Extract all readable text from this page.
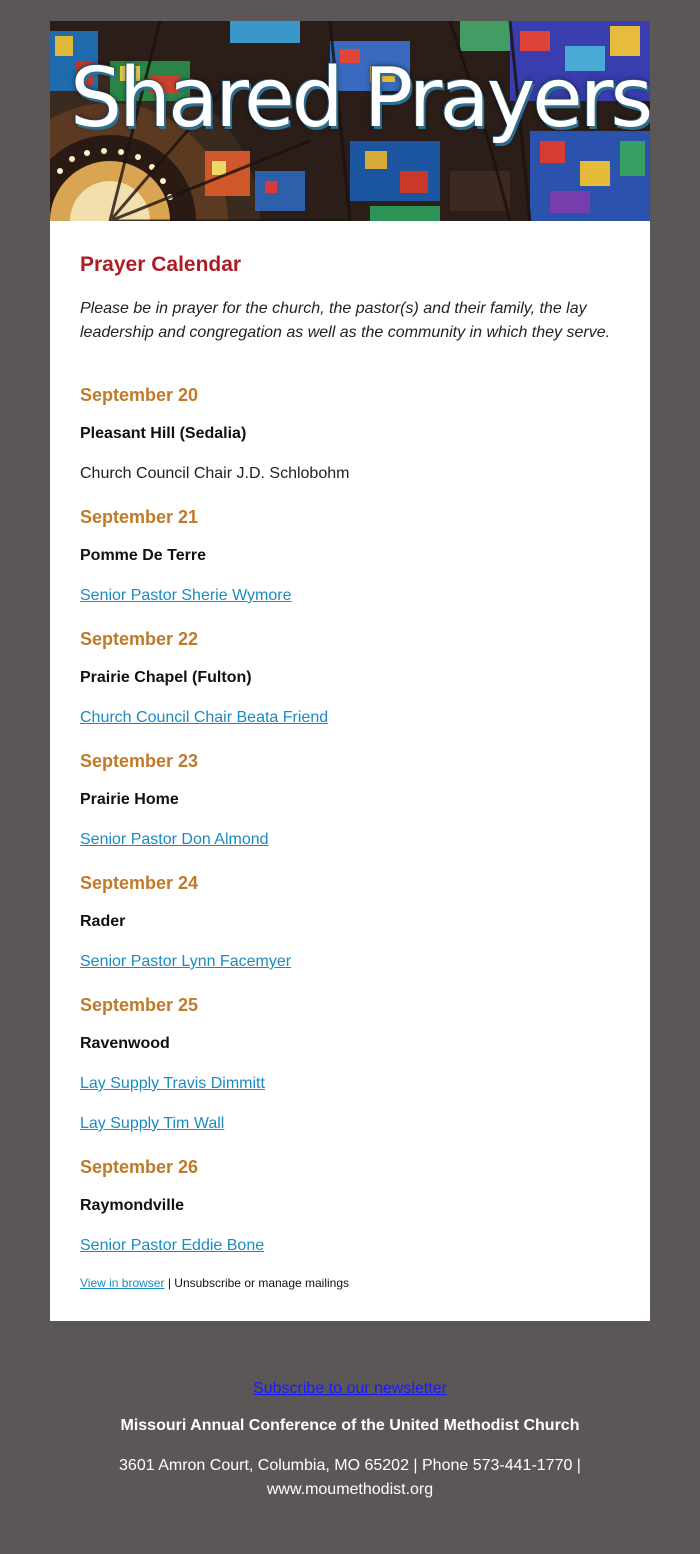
Shared Prayers
Prayer Calendar

Please be in prayer for the church, the pastor(s) and their family, the lay leadership and congregation as well as the community in which they serve.

View in browser | Unsubscribe or manage mailings
September 20
Pleasant Hill (Sedalia)
Church Council Chair J.D. Schlobohm
September 21
Pomme De Terre
Senior Pastor Sherie Wymore
September 22
Prairie Chapel (Fulton)
Church Council Chair Beata Friend
September 23
Prairie Home
Senior Pastor Don Almond
September 24
Rader
Senior Pastor Lynn Facemyer
September 25
Ravenwood
Lay Supply Travis Dimmitt
Lay Supply Tim Wall
September 26
Raymondville
Senior Pastor Eddie Bone
Subscribe to our newsletter
Missouri Annual Conference of the United Methodist Church
3601 Amron Court, Columbia, MO 65202 | Phone 573-441-1770 | www.moumethodist.org
